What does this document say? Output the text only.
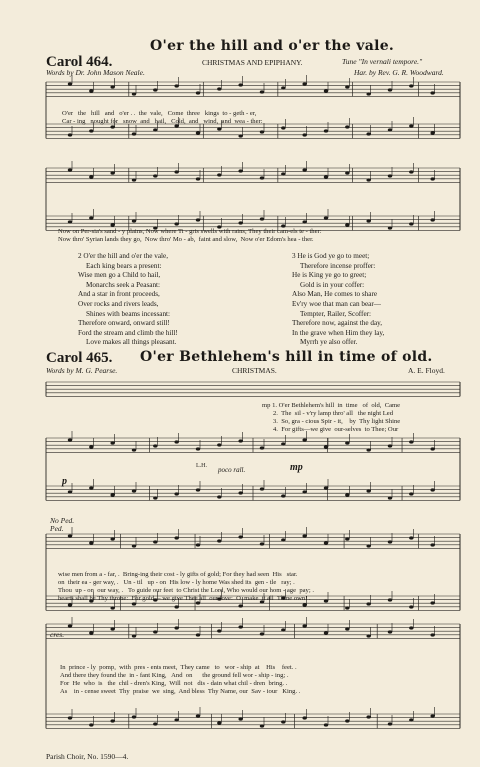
O'er the hill and o'er the vale.
Carol 464.	CHRISTMAS AND EPIPHANY.	Tune "In vernali tempore."
Words by Dr. John Mason Neale.	Har. by Rev. G. R. Woodward.
O'er   the   hill   and   o'er . .  the  vale,   Come  three   kings  to - geth - er,
Car - ing   nought for   snow  and   hail,   Cold,  and   wind,  and  wea - ther:
Now on Per-sia's sand - y plains, Now where Ti - gris swells with rains, They their cam-els te - ther:
Now thro' Syrian lands they go,  Now thro' Mo - ab,  faint and slow,  Now o'er Edom's hea - ther.
2 O'er the hill and o'er the vale,
Each king bears a present:
Wise men go a Child to hail,
Monarchs seek a Peasant:
And a star in front proceeds,
Over rocks and rivers leads,
Shines with beams incessant:
Therefore onward, onward still!
Ford the stream and climb the hill!
Love makes all things pleasant.
3 He is God ye go to meet;
Therefore incense proffer:
He is King ye go to greet;
Gold is in your coffer:
Also Man, He comes to share
Ev'ry woe that man can bear—
Tempter, Railer, Scoffer:
Therefore now, against the day,
In the grave when Him they lay,
Myrrh ye also offer.
Carol 465. O'er Bethlehem's hill in time of old.
Words by M. G. Pearse.	CHRISTMAS.	A. E. Floyd.
mp 1. O'er Bethlehem's hill  in  time   of  old,  Came
2.  The  sil - v'ry lamp thro' all   the night Led
3.  So, gra - cious Spir - it,    by  Thy light Shine
4.  For gifts—we give  our-selves  to Thee; Our
p
mp
poco rall.
L.H.
No Ped.
Ped.
cres.
wise men from a - far, .  Bring-ing their cost - ly gifts of gold; For they had seen  His   star.
on  their ea - ger way, .   Un - til   up - on  His low - ly home Was shed its  gen - tle   ray; .
Thou  up - on  our way, .   To guide our feet  to Christ the Lord, Who would our hom - age  pay; .
hearts shall be Thy throne:  For gold— we give Thee all  our love:  O  make  it all  Thine own! .
In  prince - ly  pomp,  with  pres - ents meet,  They came   to   wor - ship  at    His    feet. .
And there they found the  in - fant King,   And  on      the ground fell wor - ship - ing; .
For  He  who  is   the  chil - dren's King,  Will  not   dis - dain what chil - dren  bring. .
As    in - cense sweet  Thy  praise  we  sing,  And bless  Thy Name, our  Sav - iour   King. .
Parish Choir, No. 1590—4.
